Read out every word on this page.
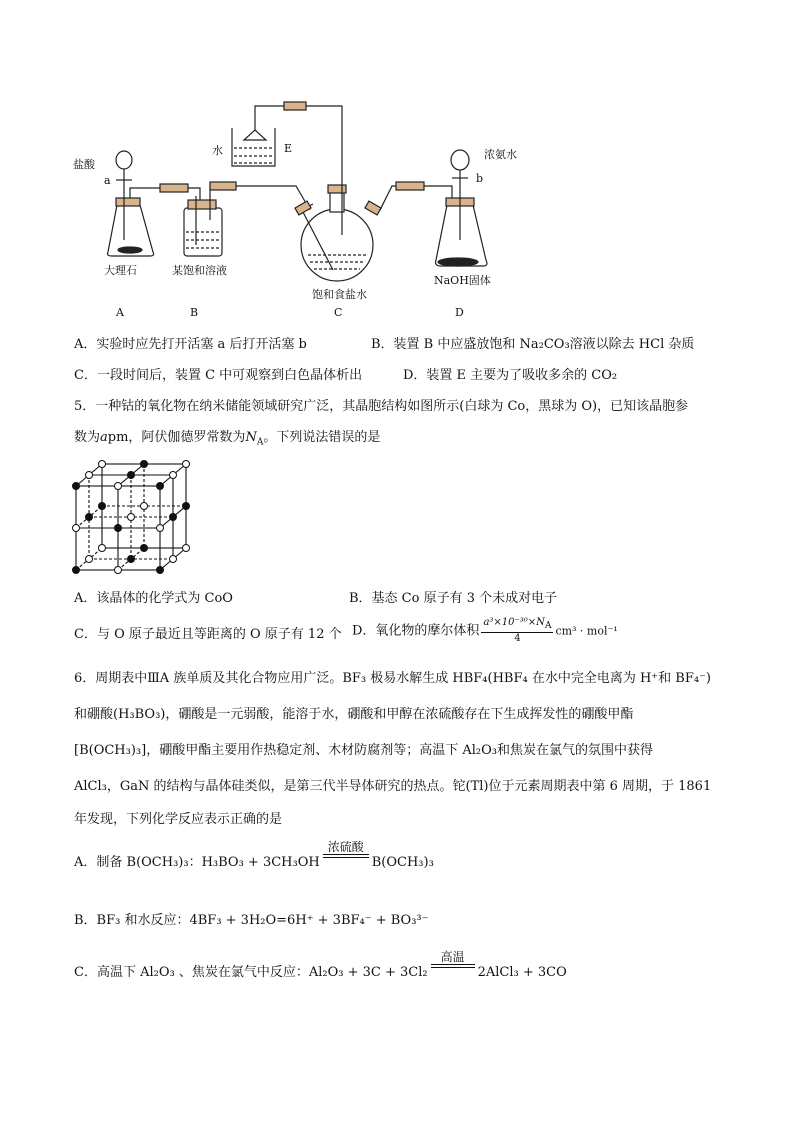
盐酸
a
大理石	某饱和溶液
水	E
饱和食盐水
浓氨水
b
NaOH固体
A	B	C	D
A．实验时应先打开活塞 a 后打开活塞 b	B．装置 B 中应盛放饱和 Na₂CO₃溶液以除去 HCl 杂质
C．一段时间后，装置 C 中可观察到白色晶体析出	D．装置 E 主要为了吸收多余的 CO₂
5．一种钴的氧化物在纳米储能领域研究广泛，其晶胞结构如图所示(白球为 Co，黑球为 O)，已知该晶胞参
数为apm，阿伏伽德罗常数为$N_A$。下列说法错误的是
A．该晶体的化学式为 CoO	B．基态 Co 原子有 3 个未成对电子
C．与 O 原子最近且等距离的 O 原子有 12 个 D．氧化物的摩尔体积 $\frac{a^3\times 10^{-30}\times N_A}{4} cm^3 \cdot mol^{-1}$
6．周期表中ⅢA 族单质及其化合物应用广泛。BF₃ 极易水解生成 HBF₄(HBF₄ 在水中完全电离为 H⁺和 BF₄⁻)
和硼酸(H₃BO₃)，硼酸是一元弱酸，能溶于水，硼酸和甲醇在浓硫酸存在下生成挥发性的硼酸甲酯
[B(OCH₃)₃]，硼酸甲酯主要用作热稳定剂、木材防腐剂等；高温下 Al₂O₃和焦炭在氯气的氛围中获得
AlCl₃，GaN 的结构与晶体硅类似，是第三代半导体研究的热点。铊(Tl)位于元素周期表中第 6 周期，于 1861
年发现，下列化学反应表示正确的是
A．制备 B(OCH₃)₃：H₃BO₃ + 3CH₃OH
浓硫酸
B(OCH₃)₃
B．BF₃ 和水反应：4BF₃ + 3H₂O=6H⁺ + 3BF₄⁻ + BO₃³⁻
C．高温下 Al₂O₃ 、焦炭在氯气中反应：Al₂O₃ + 3C + 3Cl₂
高温
2AlCl₃ + 3CO
